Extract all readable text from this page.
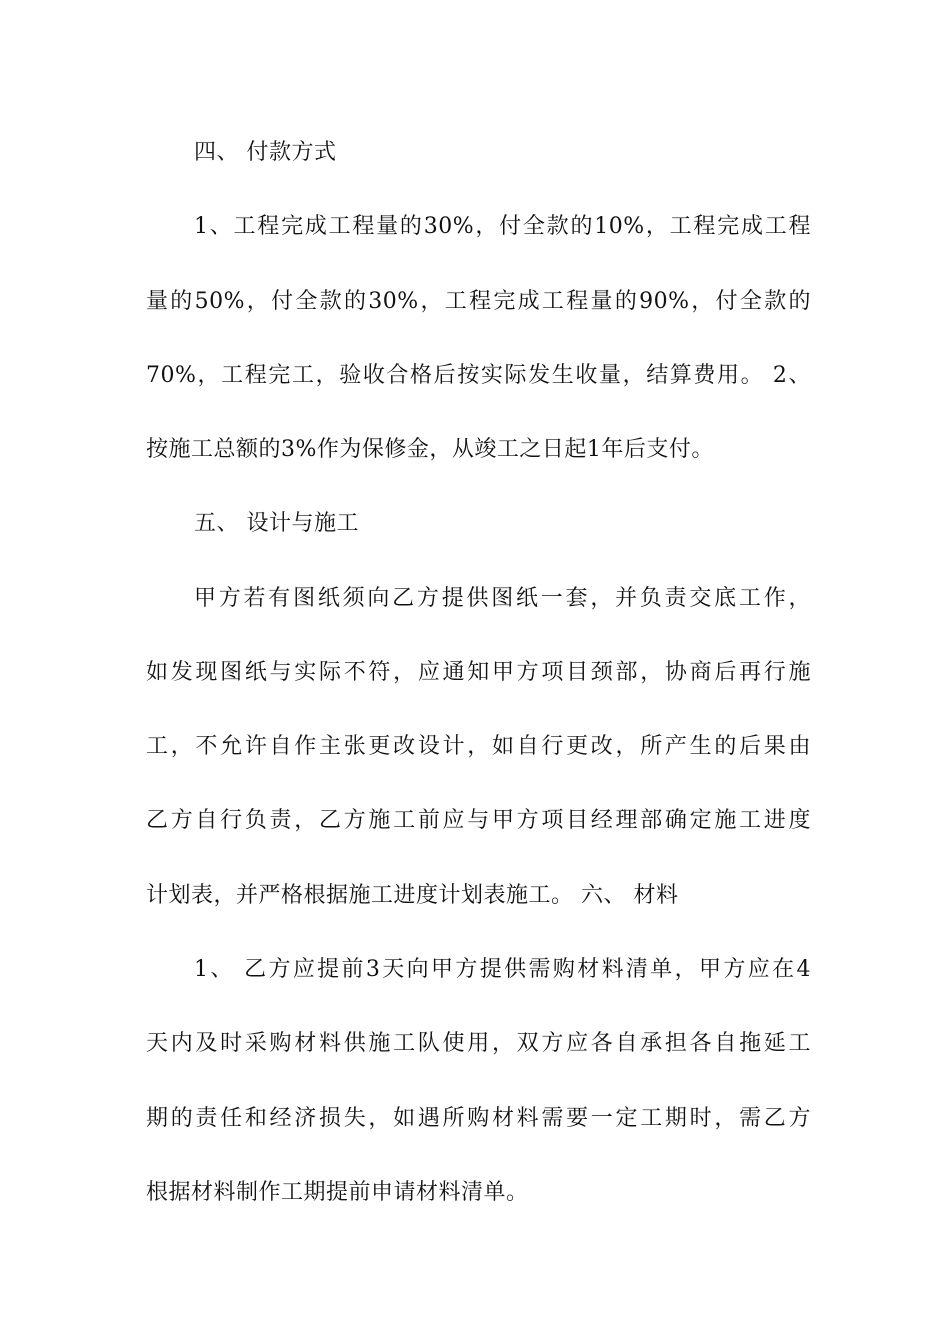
四、 付款方式
1、工程完成工程量的30%，付全款的10%，工程完成工程
量的50%，付全款的30%，工程完成工程量的90%，付全款的
70%，工程完工，验收合格后按实际发生收量，结算费用。 2、
按施工总额的3%作为保修金，从竣工之日起1年后支付。
五、 设计与施工
甲方若有图纸须向乙方提供图纸一套，并负责交底工作，
如发现图纸与实际不符，应通知甲方项目颈部，协商后再行施
工，不允许自作主张更改设计，如自行更改，所产生的后果由
乙方自行负责，乙方施工前应与甲方项目经理部确定施工进度
计划表，并严格根据施工进度计划表施工。 六、 材料
1、 乙方应提前3天向甲方提供需购材料清单，甲方应在4
天内及时采购材料供施工队使用，双方应各自承担各自拖延工
期的责任和经济损失，如遇所购材料需要一定工期时，需乙方
根据材料制作工期提前申请材料清单。
